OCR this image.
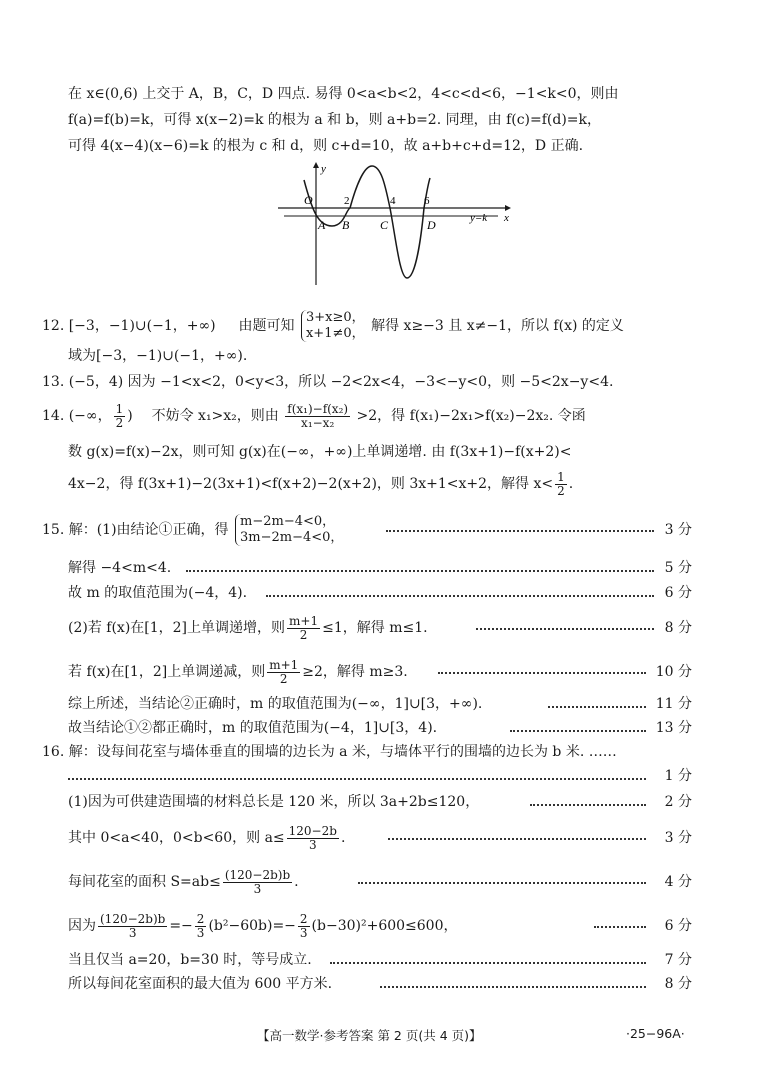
在 x∈(0,6) 上交于 A，B，C，D 四点. 易得 0<a<b<2，4<c<d<6，−1<k<0，则由
f(a)=f(b)=k，可得 x(x−2)=k 的根为 a 和 b，则 a+b=2. 同理，由 f(c)=f(d)=k，
可得 4(x−4)(x−6)=k 的根为 c 和 d，则 c+d=10，故 a+b+c+d=12，D 正确.
y
x
O	2	4	6
A B	C	D	y=k
12. [−3，−1)∪(−1，+∞) 由题可知
3+x≥0，
x+1≠0， 解得 x≥−3 且 x≠−1，所以 f(x) 的定义
域为[−3，−1)∪(−1，+∞).
13. (−5，4) 因为 −1<x<2，0<y<3，所以 −2<2x<4，−3<−y<0，则 −5<2x−y<4.
14. (−∞， $\frac{1}{2}$ ) 不妨令 x₁>x₂，则由 $\frac{\text{f(x₁)−f(x₂)}}{\text{x₁−x₂}} >2$，得 f(x₁)−2x₁>f(x₂)−2x₂. 令函
数 g(x)=f(x)−2x，则可知 g(x)在(−∞，+∞)上单调递增. 由 f(3x+1)−f(x+2)<
4x−2，得 f(3x+1)−2(3x+1)<f(x+2)−2(x+2)，则 3x+1<x+2，解得 $x< \frac{1}{2}$ .
15. 解：(1)由结论①正确，得
m−2m−4<0，
3m−2m−4<0，	3 分
解得 −4<m<4.	5 分
故 m 的取值范围为(−4，4).	6 分
(2)若 f(x)在[1，2]上单调递增，则 $\frac{m+1}{2} \le 1$，解得 m≤1.	8 分
若 f(x)在[1，2]上单调递减，则 $\frac{m+1}{2} \ge 2$，解得 m≥3.	10 分
综上所述，当结论②正确时，m 的取值范围为(−∞，1]∪[3，+∞).	11 分
故当结论①②都正确时，m 的取值范围为(−4，1]∪[3，4).	13 分
16. 解：设每间花室与墙体垂直的围墙的边长为 a 米，与墙体平行的围墙的边长为 b 米. ……
1 分
(1)因为可供建造围墙的材料总长是 120 米，所以 3a+2b≤120，	2 分
其中 0<a<40，0<b<60，则 $a\le \frac{120-2b}{3}$ .	3 分
每间花室的面积 $S=ab\le \frac{(120-2b)b}{3}$ .	4 分
因为 $\frac{(120-2b)b}{3} =- \frac{2}{3} (b^2-60b)=- \frac{2}{3} (b-30)^2+600\le 600$，	6 分
当且仅当 a=20，b=30 时，等号成立.	7 分
所以每间花室面积的最大值为 600 平方米.	8 分
【高一数学·参考答案 第 2 页(共 4 页)】	·25−96A·
